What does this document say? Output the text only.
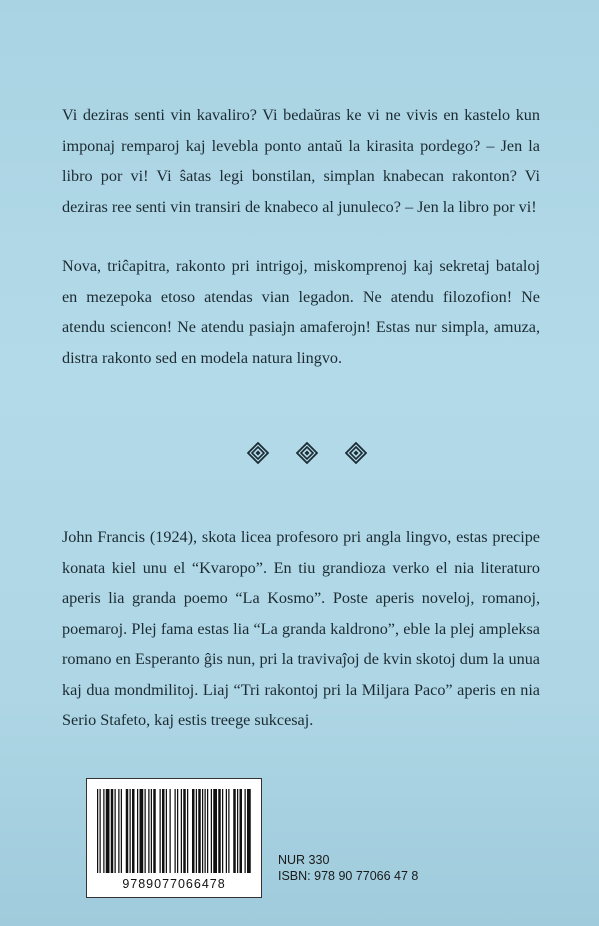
Vi deziras senti vin kavaliro? Vi bedaŭras ke vi ne vivis en kastelo kun imponaj remparoj kaj levebla ponto antaŭ la kirasita pordego? – Jen la libro por vi! Vi ŝatas legi bonstilan, simplan knabecan rakonton? Vi deziras ree senti vin transiri de knabeco al junuleco? – Jen la libro por vi!

Nova, triĉapitra, rakonto pri intrigoj, miskomprenoj kaj sekretaj bataloj en mezepoka etoso atendas vian legadon. Ne atendu filozofion! Ne atendu sciencon! Ne atendu pasiajn amaferojn! Estas nur simpla, amuza, distra rakonto sed en modela natura lingvo.

John Francis (1924), skota licea profesoro pri angla lingvo, estas precipe konata kiel unu el “Kvaropo”. En tiu grandioza verko el nia literaturo aperis lia granda poemo “La Kosmo”. Poste aperis noveloj, romanoj, poemaroj. Plej fama estas lia “La granda kaldrono”, eble la plej ampleksa romano en Esperanto ĝis nun, pri la travivaĵoj de kvin skotoj dum la unua kaj dua mondmilitoj. Liaj “Tri rakontoj pri la Miljara Paco” aperis en nia Serio Stafeto, kaj estis treege sukcesaj.

9789077066478
NUR 330
ISBN: 978 90 77066 47 8
